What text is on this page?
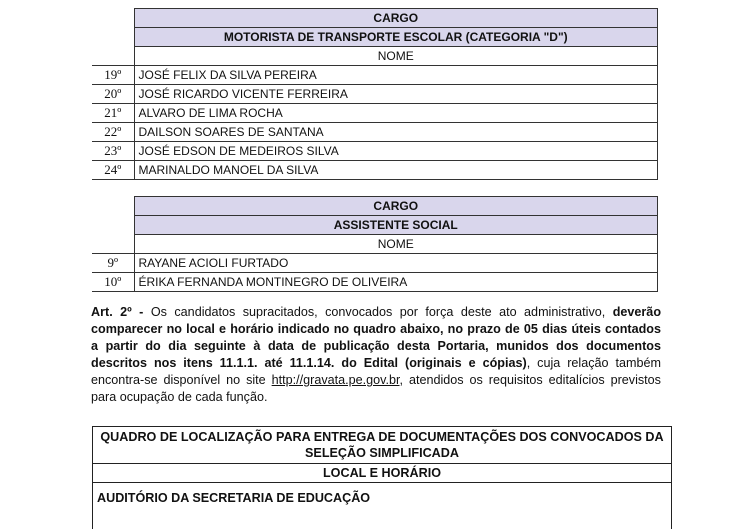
	CARGO
	MOTORISTA DE TRANSPORTE ESCOLAR (CATEGORIA "D")
	NOME
19º	JOSÉ FELIX DA SILVA PEREIRA
20º	JOSÉ RICARDO VICENTE FERREIRA
21º	ALVARO DE LIMA ROCHA
22º	DAILSON SOARES DE SANTANA
23º	JOSÉ EDSON DE MEDEIROS SILVA
24º	MARINALDO MANOEL DA SILVA
	CARGO
	ASSISTENTE SOCIAL
	NOME
9º	RAYANE ACIOLI FURTADO
10º	ÉRIKA FERNANDA MONTINEGRO DE OLIVEIRA
Art. 2º - Os candidatos supracitados, convocados por força deste ato administrativo, deverão comparecer no local e horário indicado no quadro abaixo, no prazo de 05 dias úteis contados a partir do dia seguinte à data de publicação desta Portaria, munidos dos documentos descritos nos itens 11.1.1. até 11.1.14. do Edital (originais e cópias), cuja relação também encontra-se disponível no site http://gravata.pe.gov.br, atendidos os requisitos editalícios previstos para ocupação de cada função.
QUADRO DE LOCALIZAÇÃO PARA ENTREGA DE DOCUMENTAÇÕES DOS CONVOCADOS DA SELEÇÃO SIMPLIFICADA
LOCAL E HORÁRIO
AUDITÓRIO DA SECRETARIA DE EDUCAÇÃO
